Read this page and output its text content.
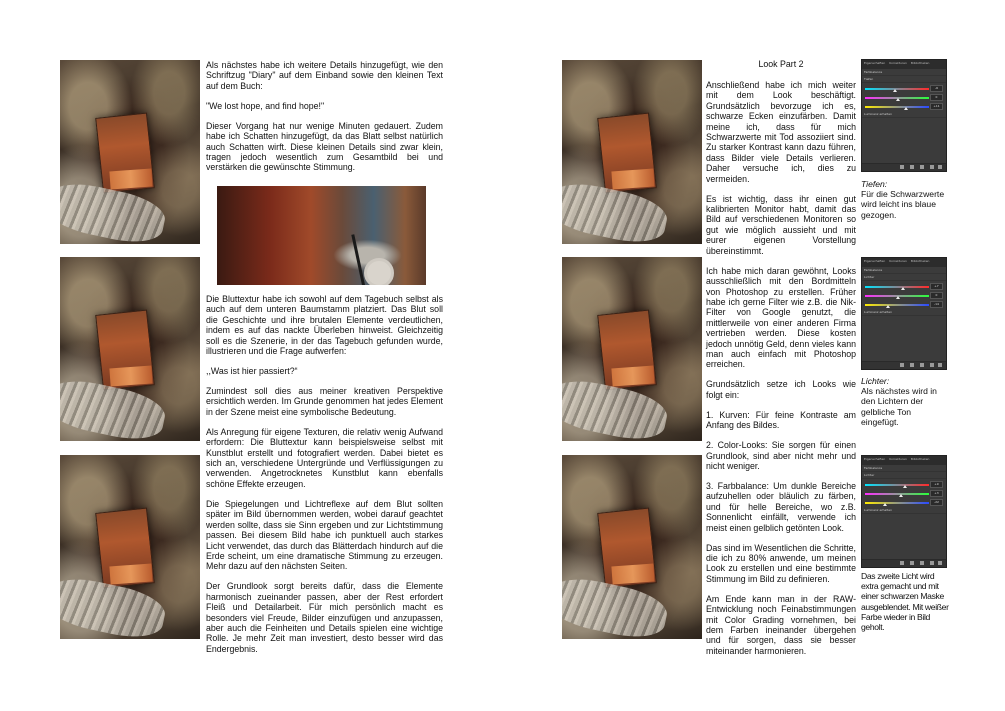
Als nächstes habe ich weitere Details hinzugefügt, wie den Schriftzug "Diary" auf dem Einband sowie den kleinen Text auf dem Buch:

"We lost hope, and find hope!"

Dieser Vorgang hat nur wenige Minuten gedauert. Zudem habe ich Schatten hinzugefügt, da das Blatt selbst natürlich auch Schatten wirft. Diese kleinen Details sind zwar klein, tragen jedoch wesentlich zum Gesamtbild bei und verstärken die gewünschte Stimmung.

Die Bluttextur habe ich sowohl auf dem Tagebuch selbst als auch auf dem unteren Baumstamm platziert. Das Blut soll die Geschichte und ihre brutalen Elemente verdeutlichen, indem es auf das nackte Überleben hinweist. Gleichzeitig soll es die Szenerie, in der das Tagebuch gefunden wurde, illustrieren und die Frage aufwerfen:

,,Was ist hier passiert?“

Zumindest soll dies aus meiner kreativen Perspektive ersichtlich werden. Im Grunde genommen hat jedes Element in der Szene meist eine symbolische Bedeutung.

Als Anregung für eigene Texturen, die relativ wenig Aufwand erfordern: Die Bluttextur kann beispielsweise selbst mit Kunstblut erstellt und fotografiert werden. Dabei bietet es sich an, verschiedene Untergründe und Verflüssigungen zu verwenden. Angetrocknetes Kunstblut kann ebenfalls schöne Effekte erzeugen.

Die Spiegelungen und Lichtreflexe auf dem Blut sollten später im Bild übernommen werden, wobei darauf geachtet werden sollte, dass sie Sinn ergeben und zur Lichtstimmung passen. Bei diesem Bild habe ich punktuell auch starkes Licht verwendet, das durch das Blätterdach hindurch auf die Erde scheint, um eine dramatische Stimmung zu erzeugen. Mehr dazu auf den nächsten Seiten.

Der Grundlook sorgt bereits dafür, dass die Elemente harmonisch zueinander passen, aber der Rest erfordert Fleiß und Detailarbeit. Für mich persönlich macht es besonders viel Freude, Bilder einzufügen und anzupassen, aber auch die Feinheiten und Details spielen eine wichtige Rolle. Je mehr Zeit man investiert, desto besser wird das Endergebnis.

Look Part 2

Anschließend habe ich mich weiter mit dem Look beschäftigt. Grundsätzlich bevorzuge ich es, schwarze Ecken einzufärben. Damit meine ich, dass für mich Schwarzwerte mit Tod assoziiert sind. Zu starker Kontrast kann dazu führen, dass Bilder viele Details verlieren. Daher versuche ich, dies zu vermeiden.

Es ist wichtig, dass ihr einen gut kalibrierten Monitor habt, damit das Bild auf verschiedenen Monitoren so gut wie möglich aussieht und mit eurer eigenen Vorstellung übereinstimmt.

Ich habe mich daran gewöhnt, Looks ausschließlich mit den Bordmitteln von Photoshop zu erstellen. Früher habe ich gerne Filter wie z.B. die Nik-Filter von Google genutzt, die mittlerweile von einer anderen Firma vertrieben werden. Diese kosten jedoch unnötig Geld, denn vieles kann man auch einfach mit Photoshop erreichen.

Grundsätzlich setze ich Looks wie folgt ein:

1. Kurven: Für feine Kontraste am Anfang des Bildes.

2. Color-Looks: Sie sorgen für einen Grundlook, sind aber nicht mehr und nicht weniger.

3. Farbbalance: Um dunkle Bereiche aufzuhellen oder bläulich zu färben, und für helle Bereiche, wo z.B. Sonnenlicht einfällt, verwende ich meist einen gelblich getönten Look.

Das sind im Wesentlichen die Schritte, die ich zu 80% anwende, um meinen Look zu erstellen und eine bestimmte Stimmung im Bild zu definieren.

Am Ende kann man in der RAW-Entwicklung noch Feinabstimmungen mit Color Grading vornehmen, bei dem Farben ineinander übergehen und für sorgen, dass sie besser miteinander harmonieren.

Eigenschaften Korrekturen Bibliotheken
Farbbalance
Tiefen
-6
0
+11
Luminanz erhalten
Eigenschaften Korrekturen Bibliotheken
Farbbalance
Lichter
+7
0
-14
Luminanz erhalten
Eigenschaften Korrekturen Bibliotheken
Farbbalance
Lichter
+9
+3
-22
Luminanz erhalten

Tiefen:

Für die Schwarzwerte wird leicht ins blaue gezogen.

Lichter:

Als nächstes wird in den Lichtern der gelbliche Ton eingefügt.

Das zweite Licht wird extra gemacht und mit einer schwarzen Maske ausgeblendet. Mit weißer Farbe wieder in Bild geholt.
